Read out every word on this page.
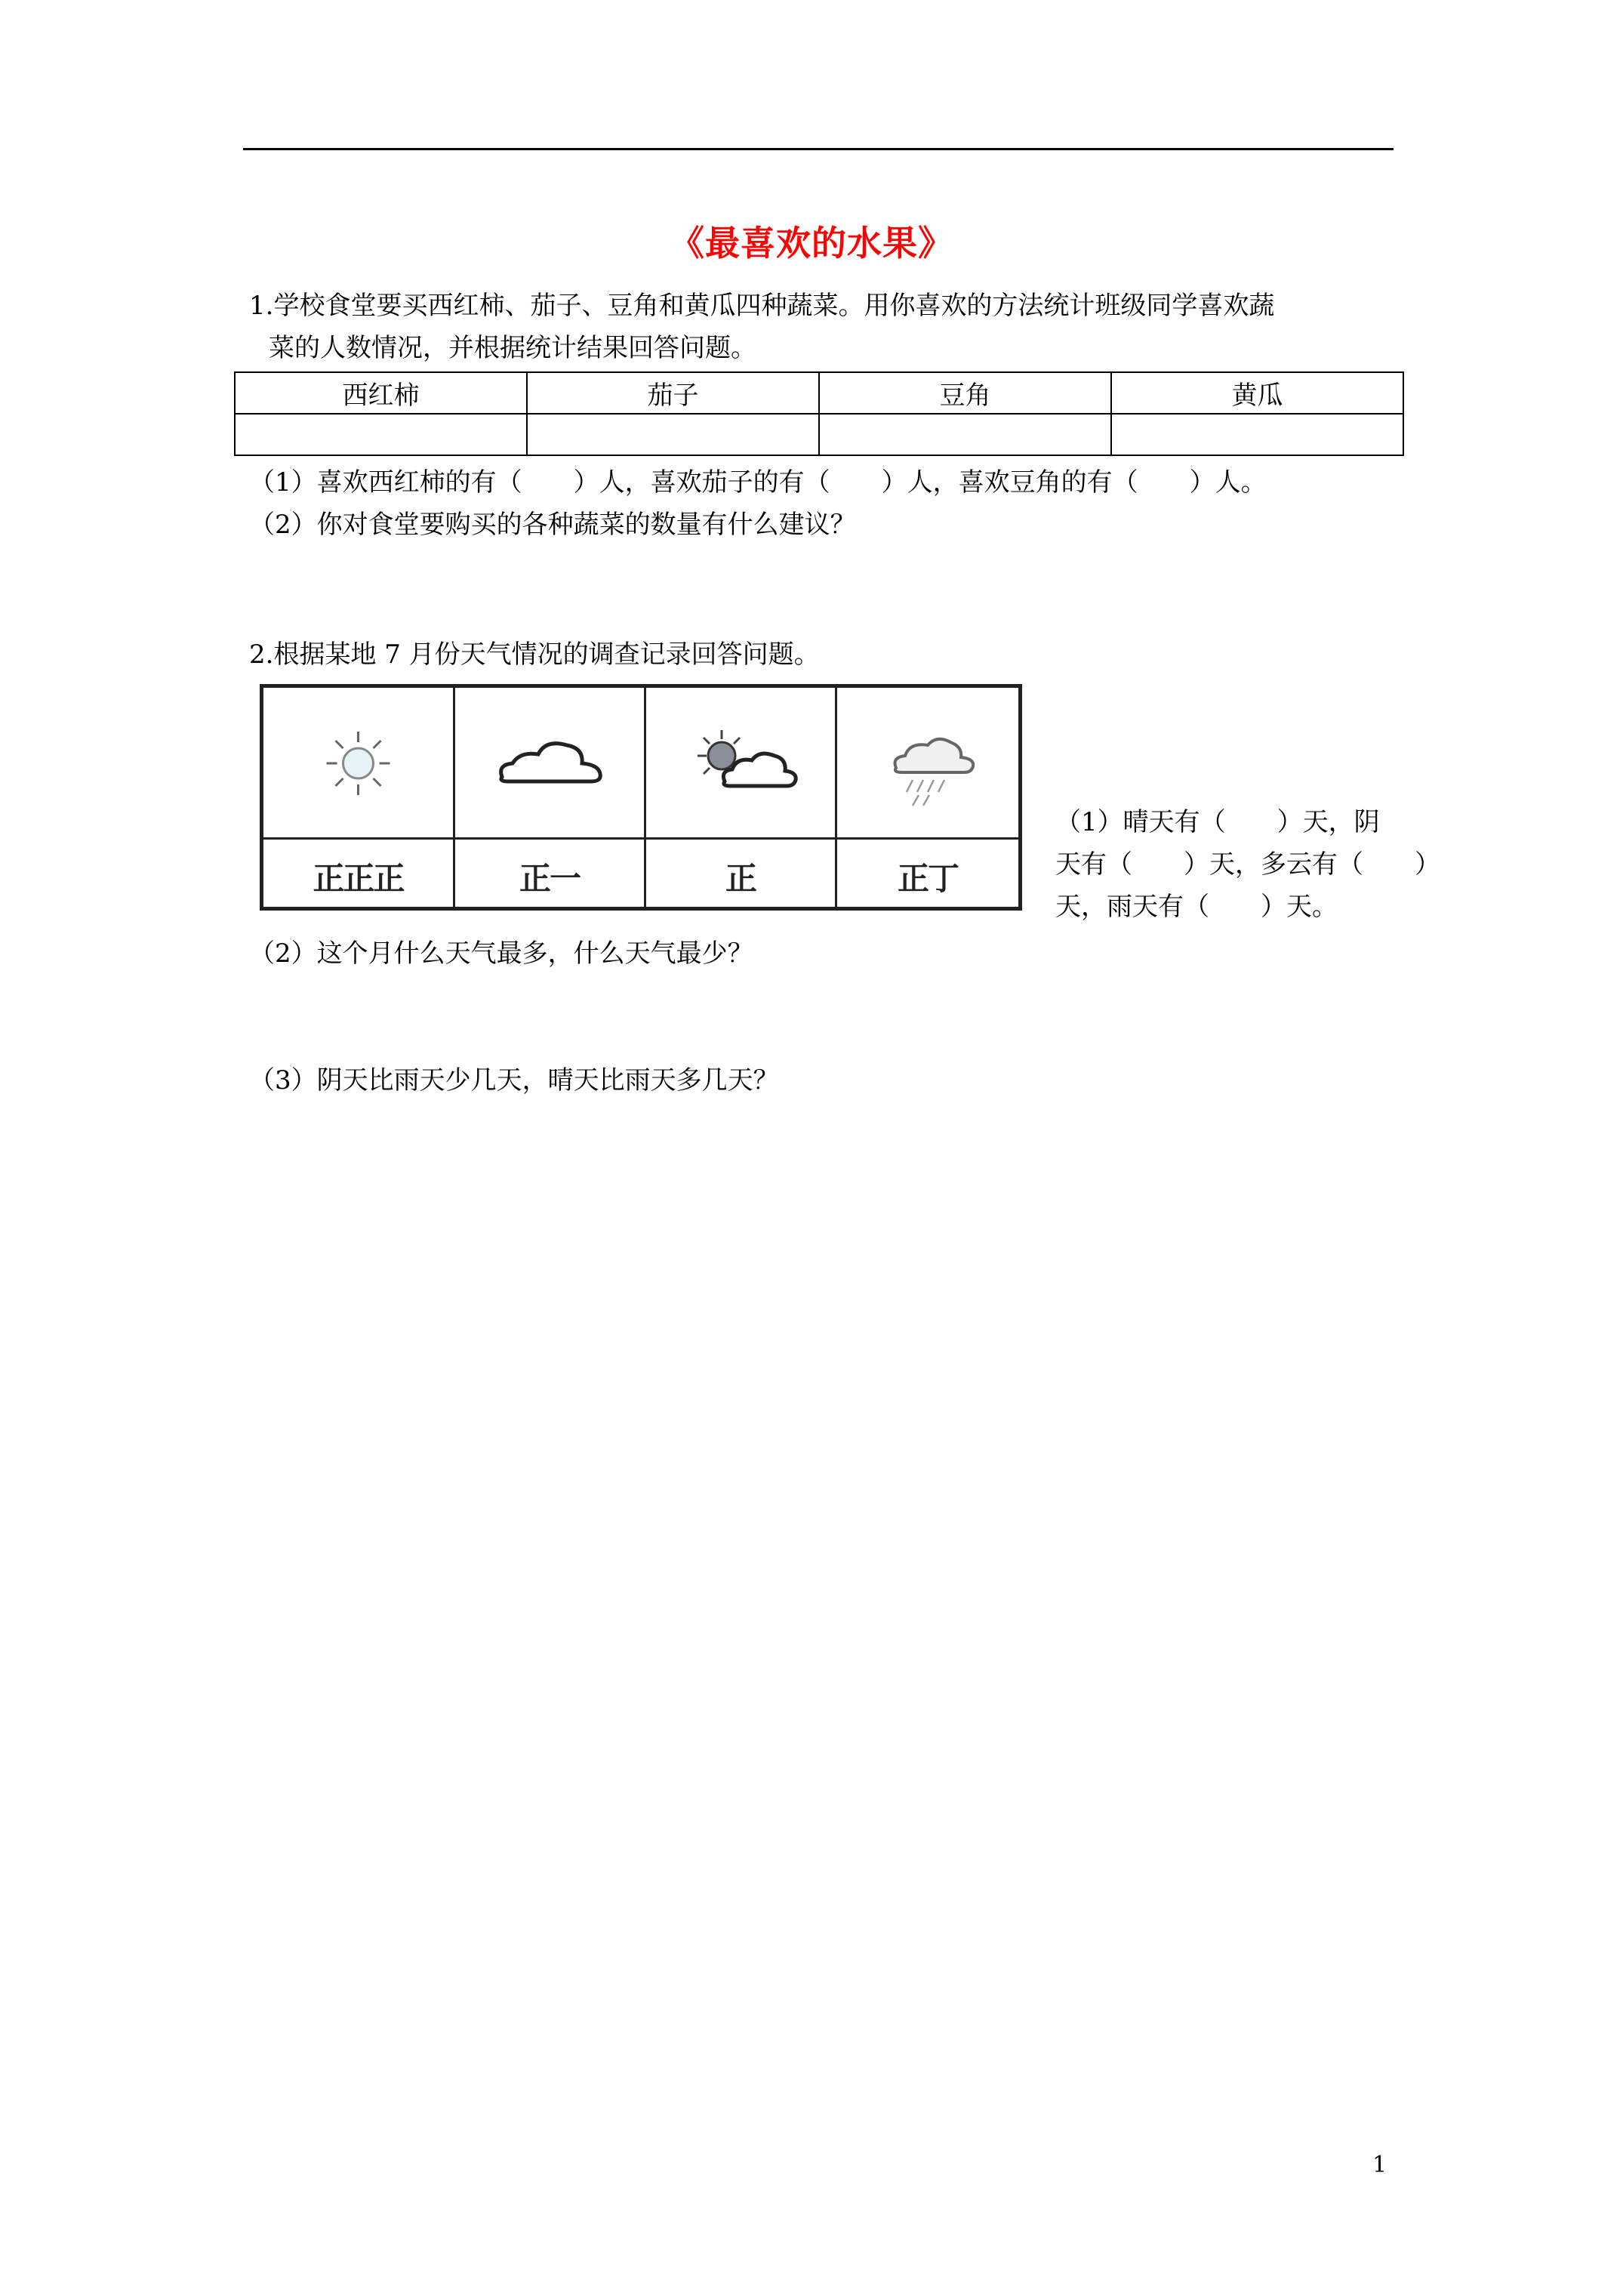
《最喜欢的水果》
1.学校食堂要买西红柿、茄子、豆角和黄瓜四种蔬菜。用你喜欢的方法统计班级同学喜欢蔬
菜的人数情况，并根据统计结果回答问题。
西红柿	茄子	豆角	黄瓜

（1）喜欢西红柿的有（　　）人，喜欢茄子的有（　　）人，喜欢豆角的有（　　）人。
（2）你对食堂要购买的各种蔬菜的数量有什么建议？
2.根据某地 7 月份天气情况的调查记录回答问题。
正正正	正一	正	正丁
（1）晴天有（　　）天，阴
天有（　　）天，多云有（　　）
天，雨天有（　　）天。
（2）这个月什么天气最多，什么天气最少？
（3）阴天比雨天少几天，晴天比雨天多几天？
1
